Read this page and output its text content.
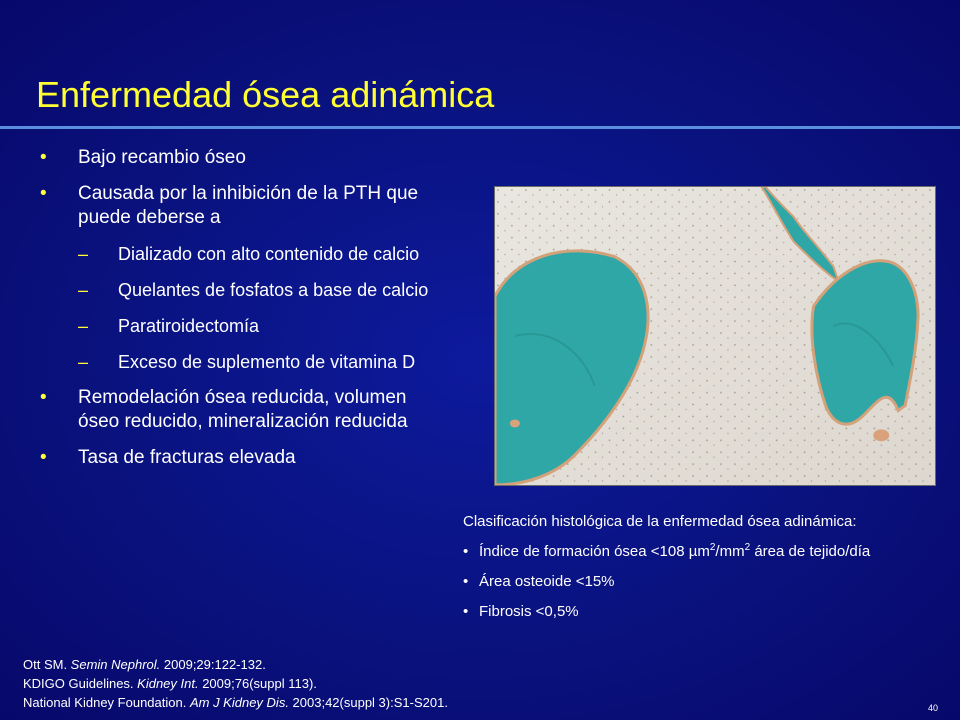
Enfermedad ósea adinámica
•	Bajo recambio óseo
•	Causada por la inhibición de la PTH que puede deberse a
–	Dializado con alto contenido de calcio
–	Quelantes de fosfatos a base de calcio
–	Paratiroidectomía
–	Exceso de suplemento de vitamina D
•	Remodelación ósea reducida, volumen óseo reducido, mineralización reducida
•	Tasa de fracturas elevada
Clasificación histológica de la enfermedad ósea adinámica:
• Índice de formación ósea <108 $\mu m^2/mm^2$ área de tejido/día
• Área osteoide <15%
• Fibrosis <0,5%
Ott SM. Semin Nephrol. 2009;29:122-132.
KDIGO Guidelines. Kidney Int. 2009;76(suppl 113).
National Kidney Foundation. Am J Kidney Dis. 2003;42(suppl 3):S1-S201.	40
